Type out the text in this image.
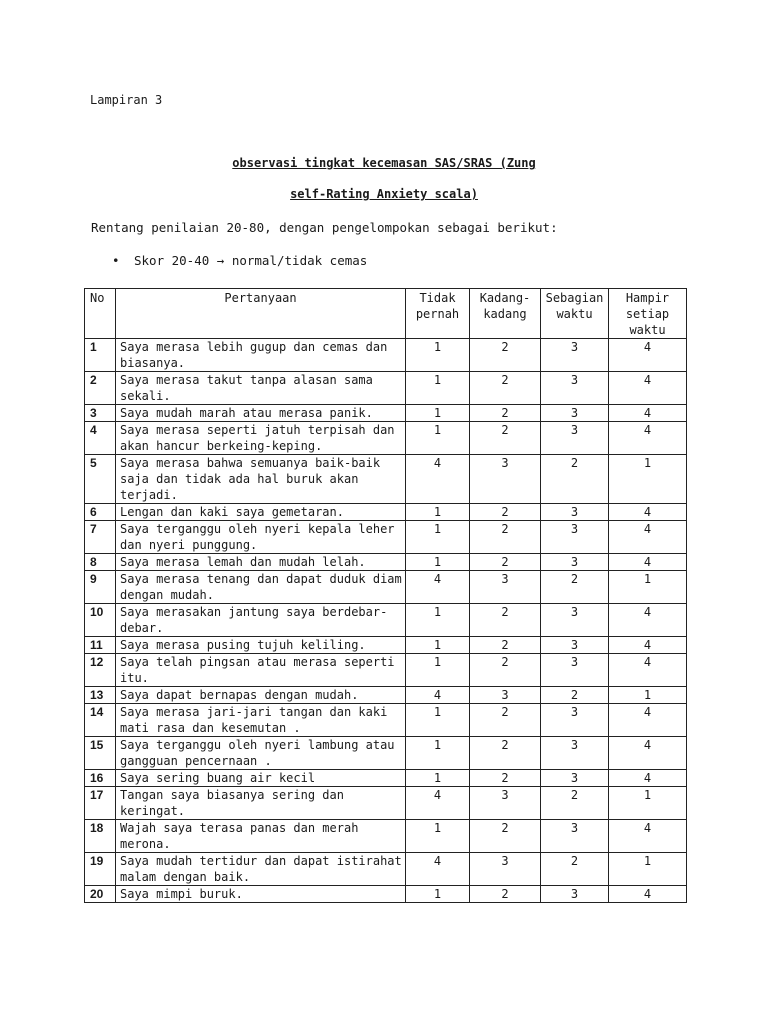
Lampiran 3
observasi tingkat kecemasan SAS/SRAS (Zung
self-Rating Anxiety scala)
Rentang penilaian 20-80, dengan pengelompokan sebagai berikut:
• Skor 20-40 → normal/tidak cemas
No	Pertanyaan	Tidak pernah	Kadang-kadang	Sebagian waktu	Hampir setiap waktu
1	Saya merasa lebih gugup dan cemas dan biasanya.	1	2	3	4
2	Saya merasa takut tanpa alasan sama sekali.	1	2	3	4
3	Saya mudah marah atau merasa panik.	1	2	3	4
4	Saya merasa seperti jatuh terpisah dan akan hancur berkeing-keping.	1	2	3	4
5	Saya merasa bahwa semuanya baik-baik saja dan tidak ada hal buruk akan terjadi.	4	3	2	1
6	Lengan dan kaki saya gemetaran.	1	2	3	4
7	Saya terganggu oleh nyeri kepala leher dan nyeri punggung.	1	2	3	4
8	Saya merasa lemah dan mudah lelah.	1	2	3	4
9	Saya merasa tenang dan dapat duduk diam dengan mudah.	4	3	2	1
10	Saya merasakan jantung saya berdebar-debar.	1	2	3	4
11	Saya merasa pusing tujuh keliling.	1	2	3	4
12	Saya telah pingsan atau merasa seperti itu.	1	2	3	4
13	Saya dapat bernapas dengan mudah.	4	3	2	1
14	Saya merasa jari-jari tangan dan kaki mati rasa dan kesemutan .	1	2	3	4
15	Saya terganggu oleh nyeri lambung atau gangguan pencernaan .	1	2	3	4
16	Saya sering buang air kecil	1	2	3	4
17	Tangan saya biasanya sering dan keringat.	4	3	2	1
18	Wajah saya terasa panas dan merah merona.	1	2	3	4
19	Saya mudah tertidur dan dapat istirahat malam dengan baik.	4	3	2	1
20	Saya mimpi buruk.	1	2	3	4
